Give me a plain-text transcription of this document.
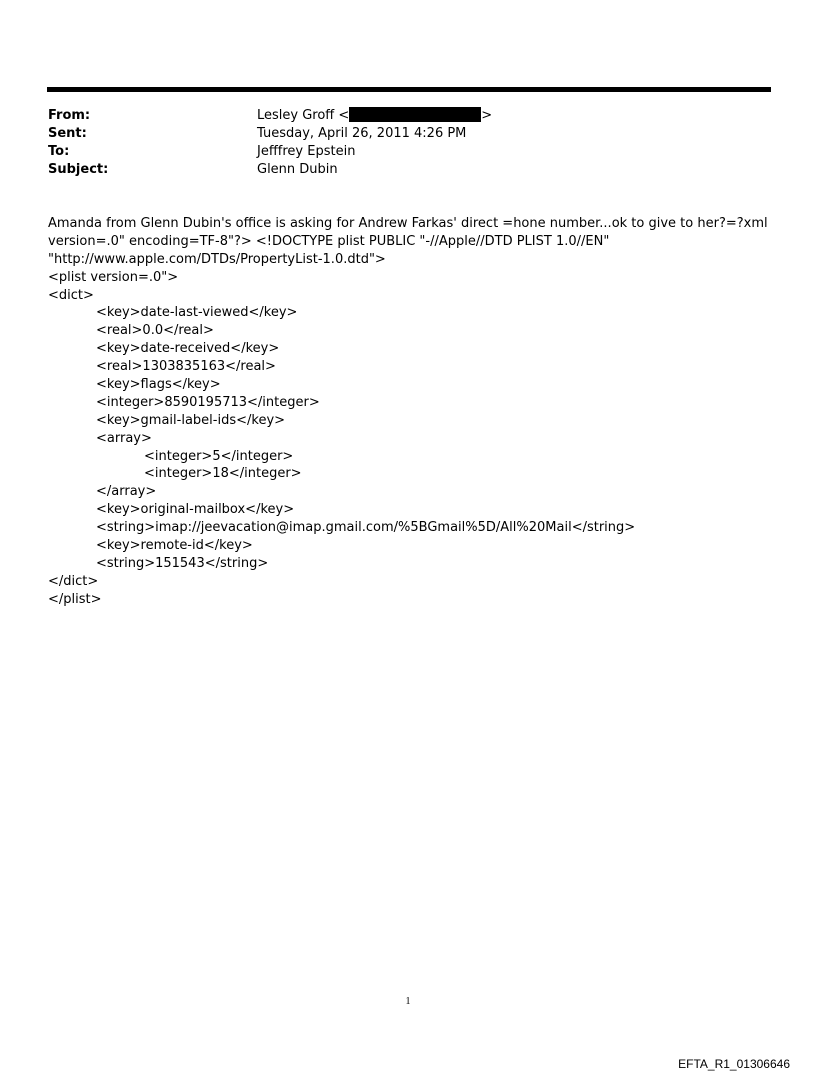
From:	Lesley Groff <	>
Sent:	Tuesday, April 26, 2011 4:26 PM
To:	Jefffrey Epstein
Subject:	Glenn Dubin
Amanda from Glenn Dubin's office is asking for Andrew Farkas' direct =hone number...ok to give to her?=?xml
version=.0" encoding=TF-8"?> <!DOCTYPE plist PUBLIC "-//Apple//DTD PLIST 1.0//EN"
"http://www.apple.com/DTDs/PropertyList-1.0.dtd">
<plist version=.0">
<dict>
<key>date-last-viewed</key>
<real>0.0</real>
<key>date-received</key>
<real>1303835163</real>
<key>flags</key>
<integer>8590195713</integer>
<key>gmail-label-ids</key>
<array>
<integer>5</integer>
<integer>18</integer>
</array>
<key>original-mailbox</key>
<string>imap://jeevacation@imap.gmail.com/%5BGmail%5D/All%20Mail</string>
<key>remote-id</key>
<string>151543</string>
</dict>
</plist>
1
EFTA_R1_01306646
